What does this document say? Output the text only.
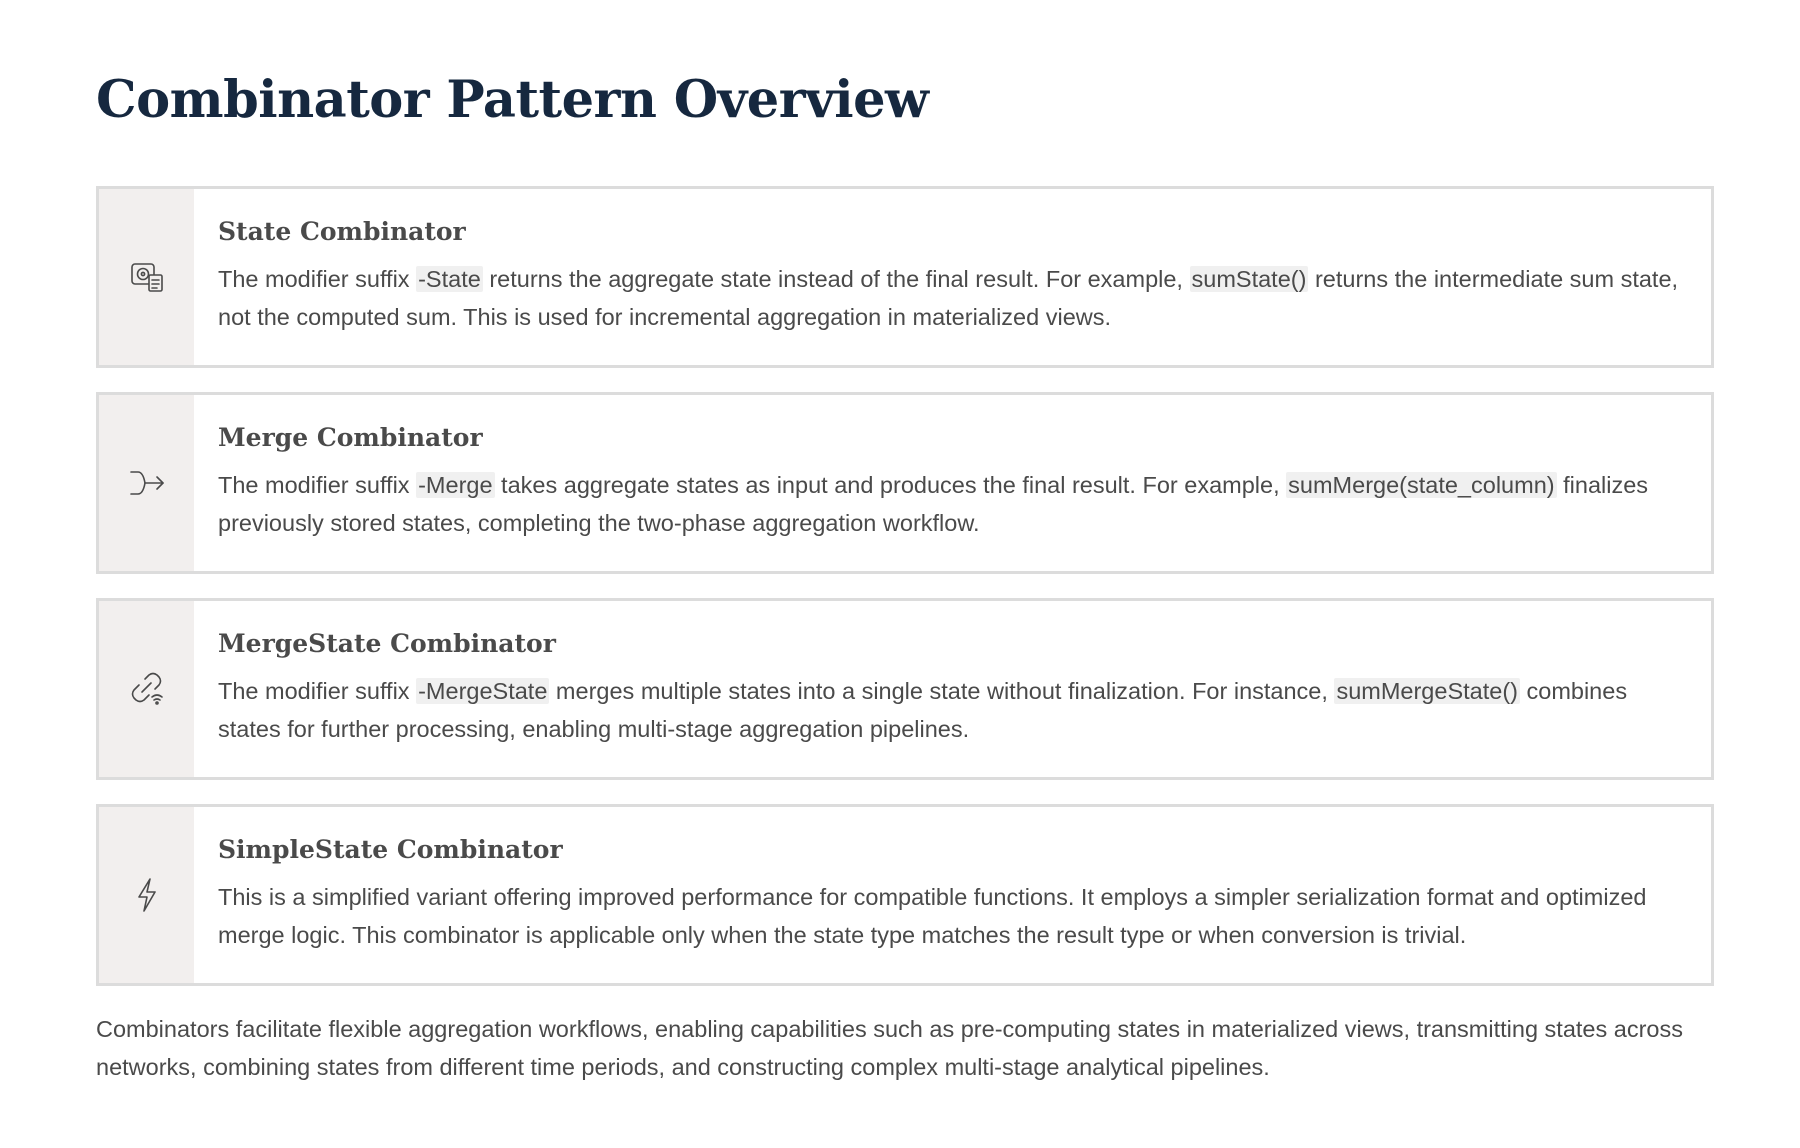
Combinator Pattern Overview
State Combinator

The modifier suffix -State returns the aggregate state instead of the final result. For example, sumState() returns the intermediate sum state, not the computed sum. This is used for incremental aggregation in materialized views.

Merge Combinator

The modifier suffix -Merge takes aggregate states as input and produces the final result. For example, sumMerge(state_column) finalizes previously stored states, completing the two-phase aggregation workflow.

MergeState Combinator

The modifier suffix -MergeState merges multiple states into a single state without finalization. For instance, sumMergeState() combines states for further processing, enabling multi-stage aggregation pipelines.

SimpleState Combinator

This is a simplified variant offering improved performance for compatible functions. It employs a simpler serialization format and optimized merge logic. This combinator is applicable only when the state type matches the result type or when conversion is trivial.

Combinators facilitate flexible aggregation workflows, enabling capabilities such as pre-computing states in materialized views, transmitting states across networks, combining states from different time periods, and constructing complex multi-stage analytical pipelines.
